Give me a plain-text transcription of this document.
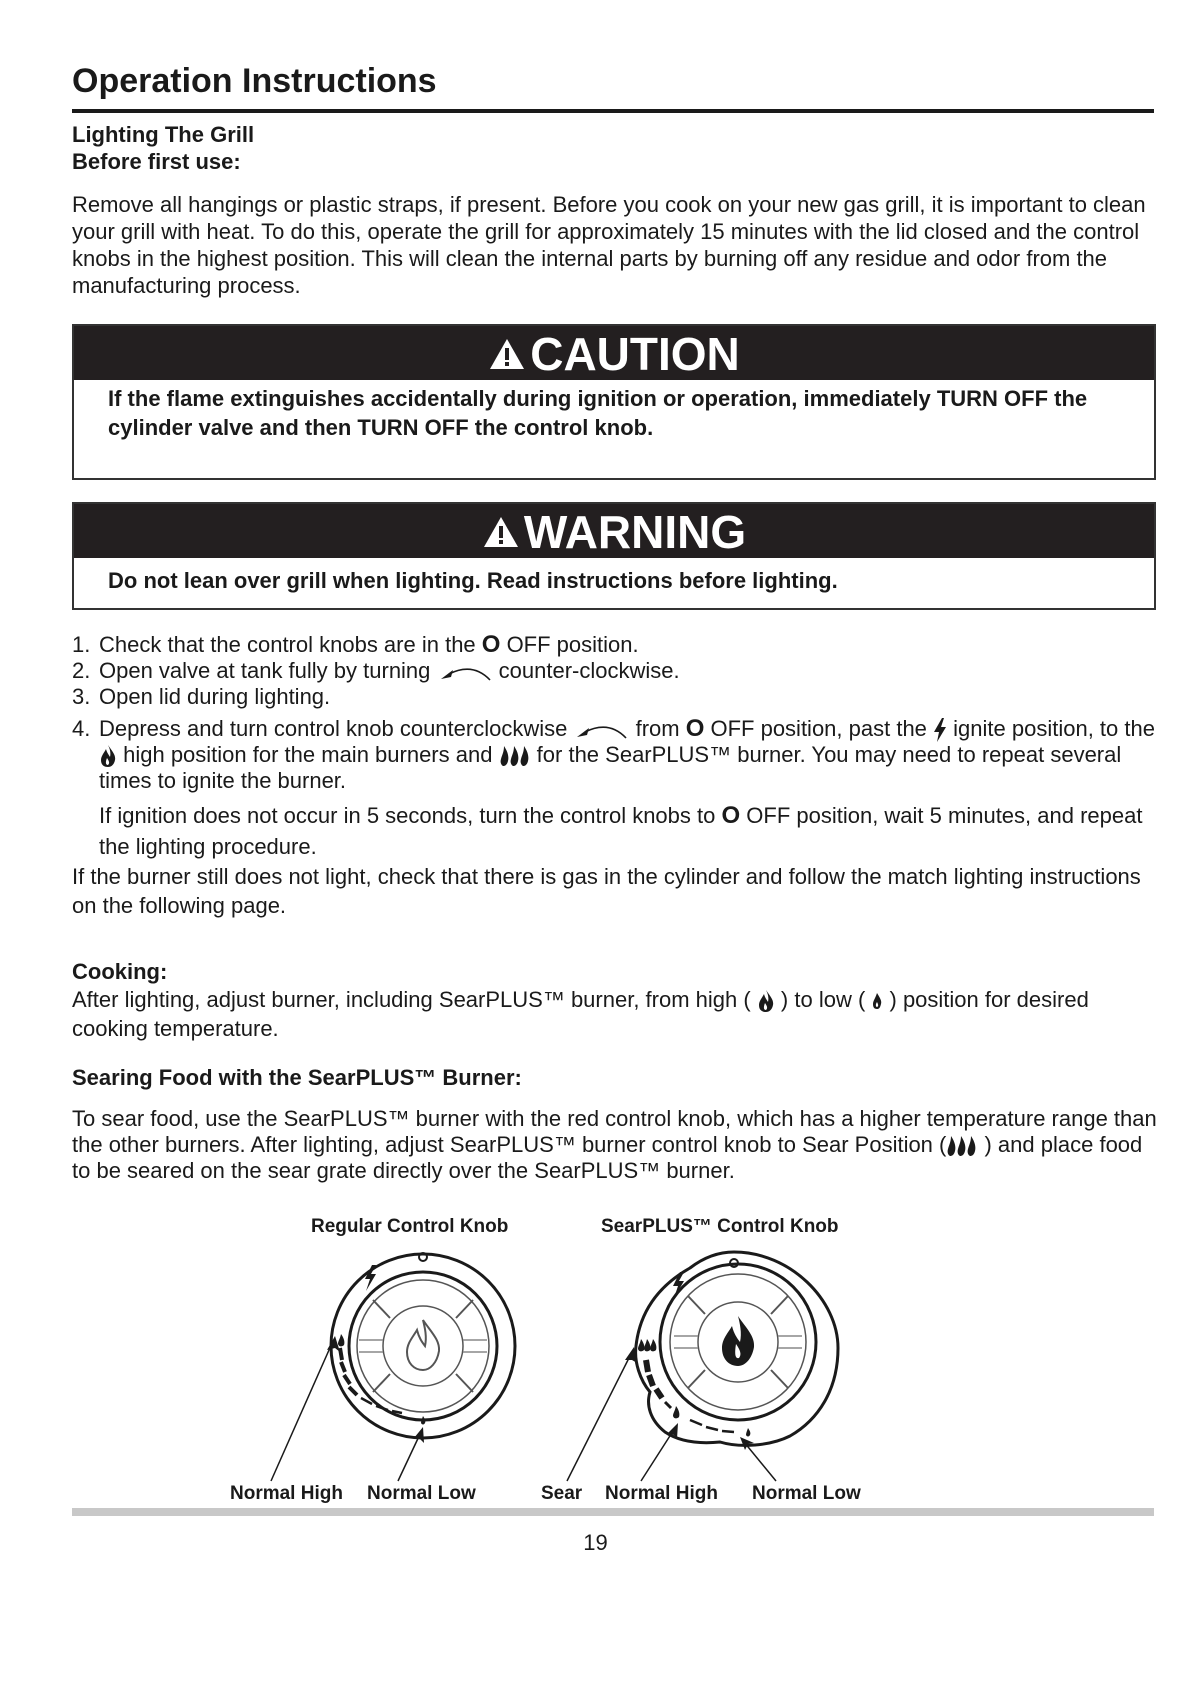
Operation Instructions
Lighting The Grill
Before first use:
Remove all hangings or plastic straps, if present. Before you cook on your new gas grill, it is important to clean your grill with heat. To do this, operate the grill for approximately 15 minutes with the lid closed and the control knobs in the highest position. This will clean the internal parts by burning off any residue and odor from the manufacturing process.
CAUTION
If the flame extinguishes accidentally during ignition or operation, immediately TURN OFF the cylinder valve and then TURN OFF the control knob.
WARNING
Do not lean over grill when lighting. Read instructions before lighting.
1. Check that the control knobs are in the O OFF position.
2. Open valve at tank fully by turning	counter-clockwise.
3. Open lid during lighting.
4. Depress and turn control knob counterclockwise	from O OFF position, past the  ignite position, to the  high position for the main burners and  for the SearPLUS™ burner. You may need to repeat several times to ignite the burner.
If ignition does not occur in 5 seconds, turn the control knobs to O OFF position, wait 5 minutes, and repeat the lighting procedure.
If the burner still does not light, check that there is gas in the cylinder and follow the match lighting instructions on the following page.
Cooking:
After lighting, adjust burner, including SearPLUS™ burner, from high (  ) to low (  ) position for desired cooking temperature.
Searing Food with the SearPLUS™ Burner:
To sear food, use the SearPLUS™ burner with the red control knob, which has a higher temperature range than the other burners. After lighting, adjust SearPLUS™ burner control knob to Sear Position ( ) and place food to be seared on the sear grate directly over the SearPLUS™ burner.
Regular Control Knob	SearPLUS™ Control Knob
Normal High Normal Low	Sear Normal High Normal Low
19
